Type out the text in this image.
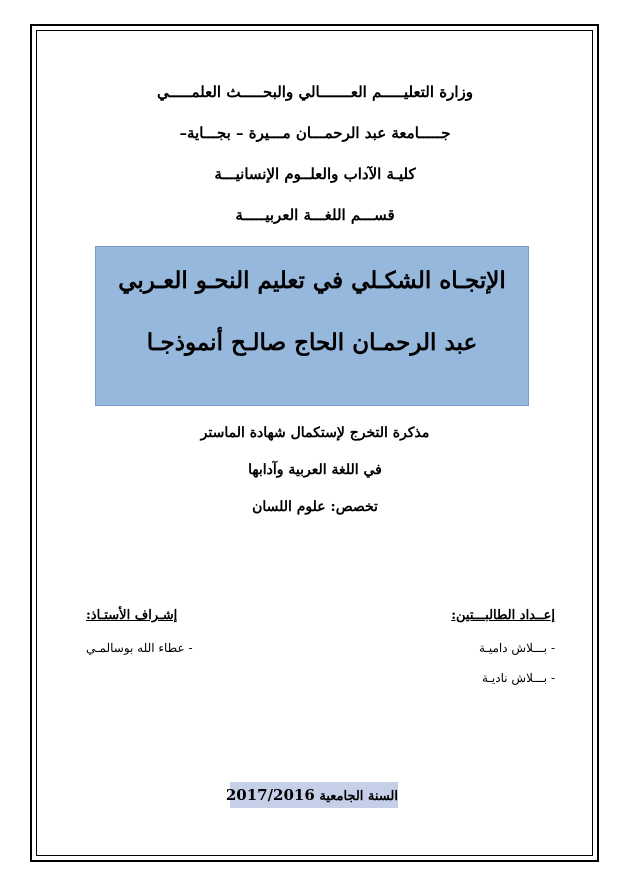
وزارة التعليـــــم العـــــــالي والبحـــــث العلمـــــي
جـــــامعة عبد الرحمـــان مـــيرة – بجـــاية–
كليـة الآداب والعلــوم الإنسانيـــة
قســـم اللغـــة العربيـــــة
الإتجـاه الشكـلي في تعليم النحـو العـربي
عبد الرحمـان الحاج صالـح أنموذجـا
مذكرة التخرج لإستكمال شهادة الماستر
في اللغة العربية وآدابها
تخصص: علوم اللسان
إعــداد الطالبـــتين:
- بـــلاش داميـة
- بـــلاش ناديـة
إشـراف الأستـاذ:
- عطاء الله بوسالمـي
السنة الجامعية 2017/2016
